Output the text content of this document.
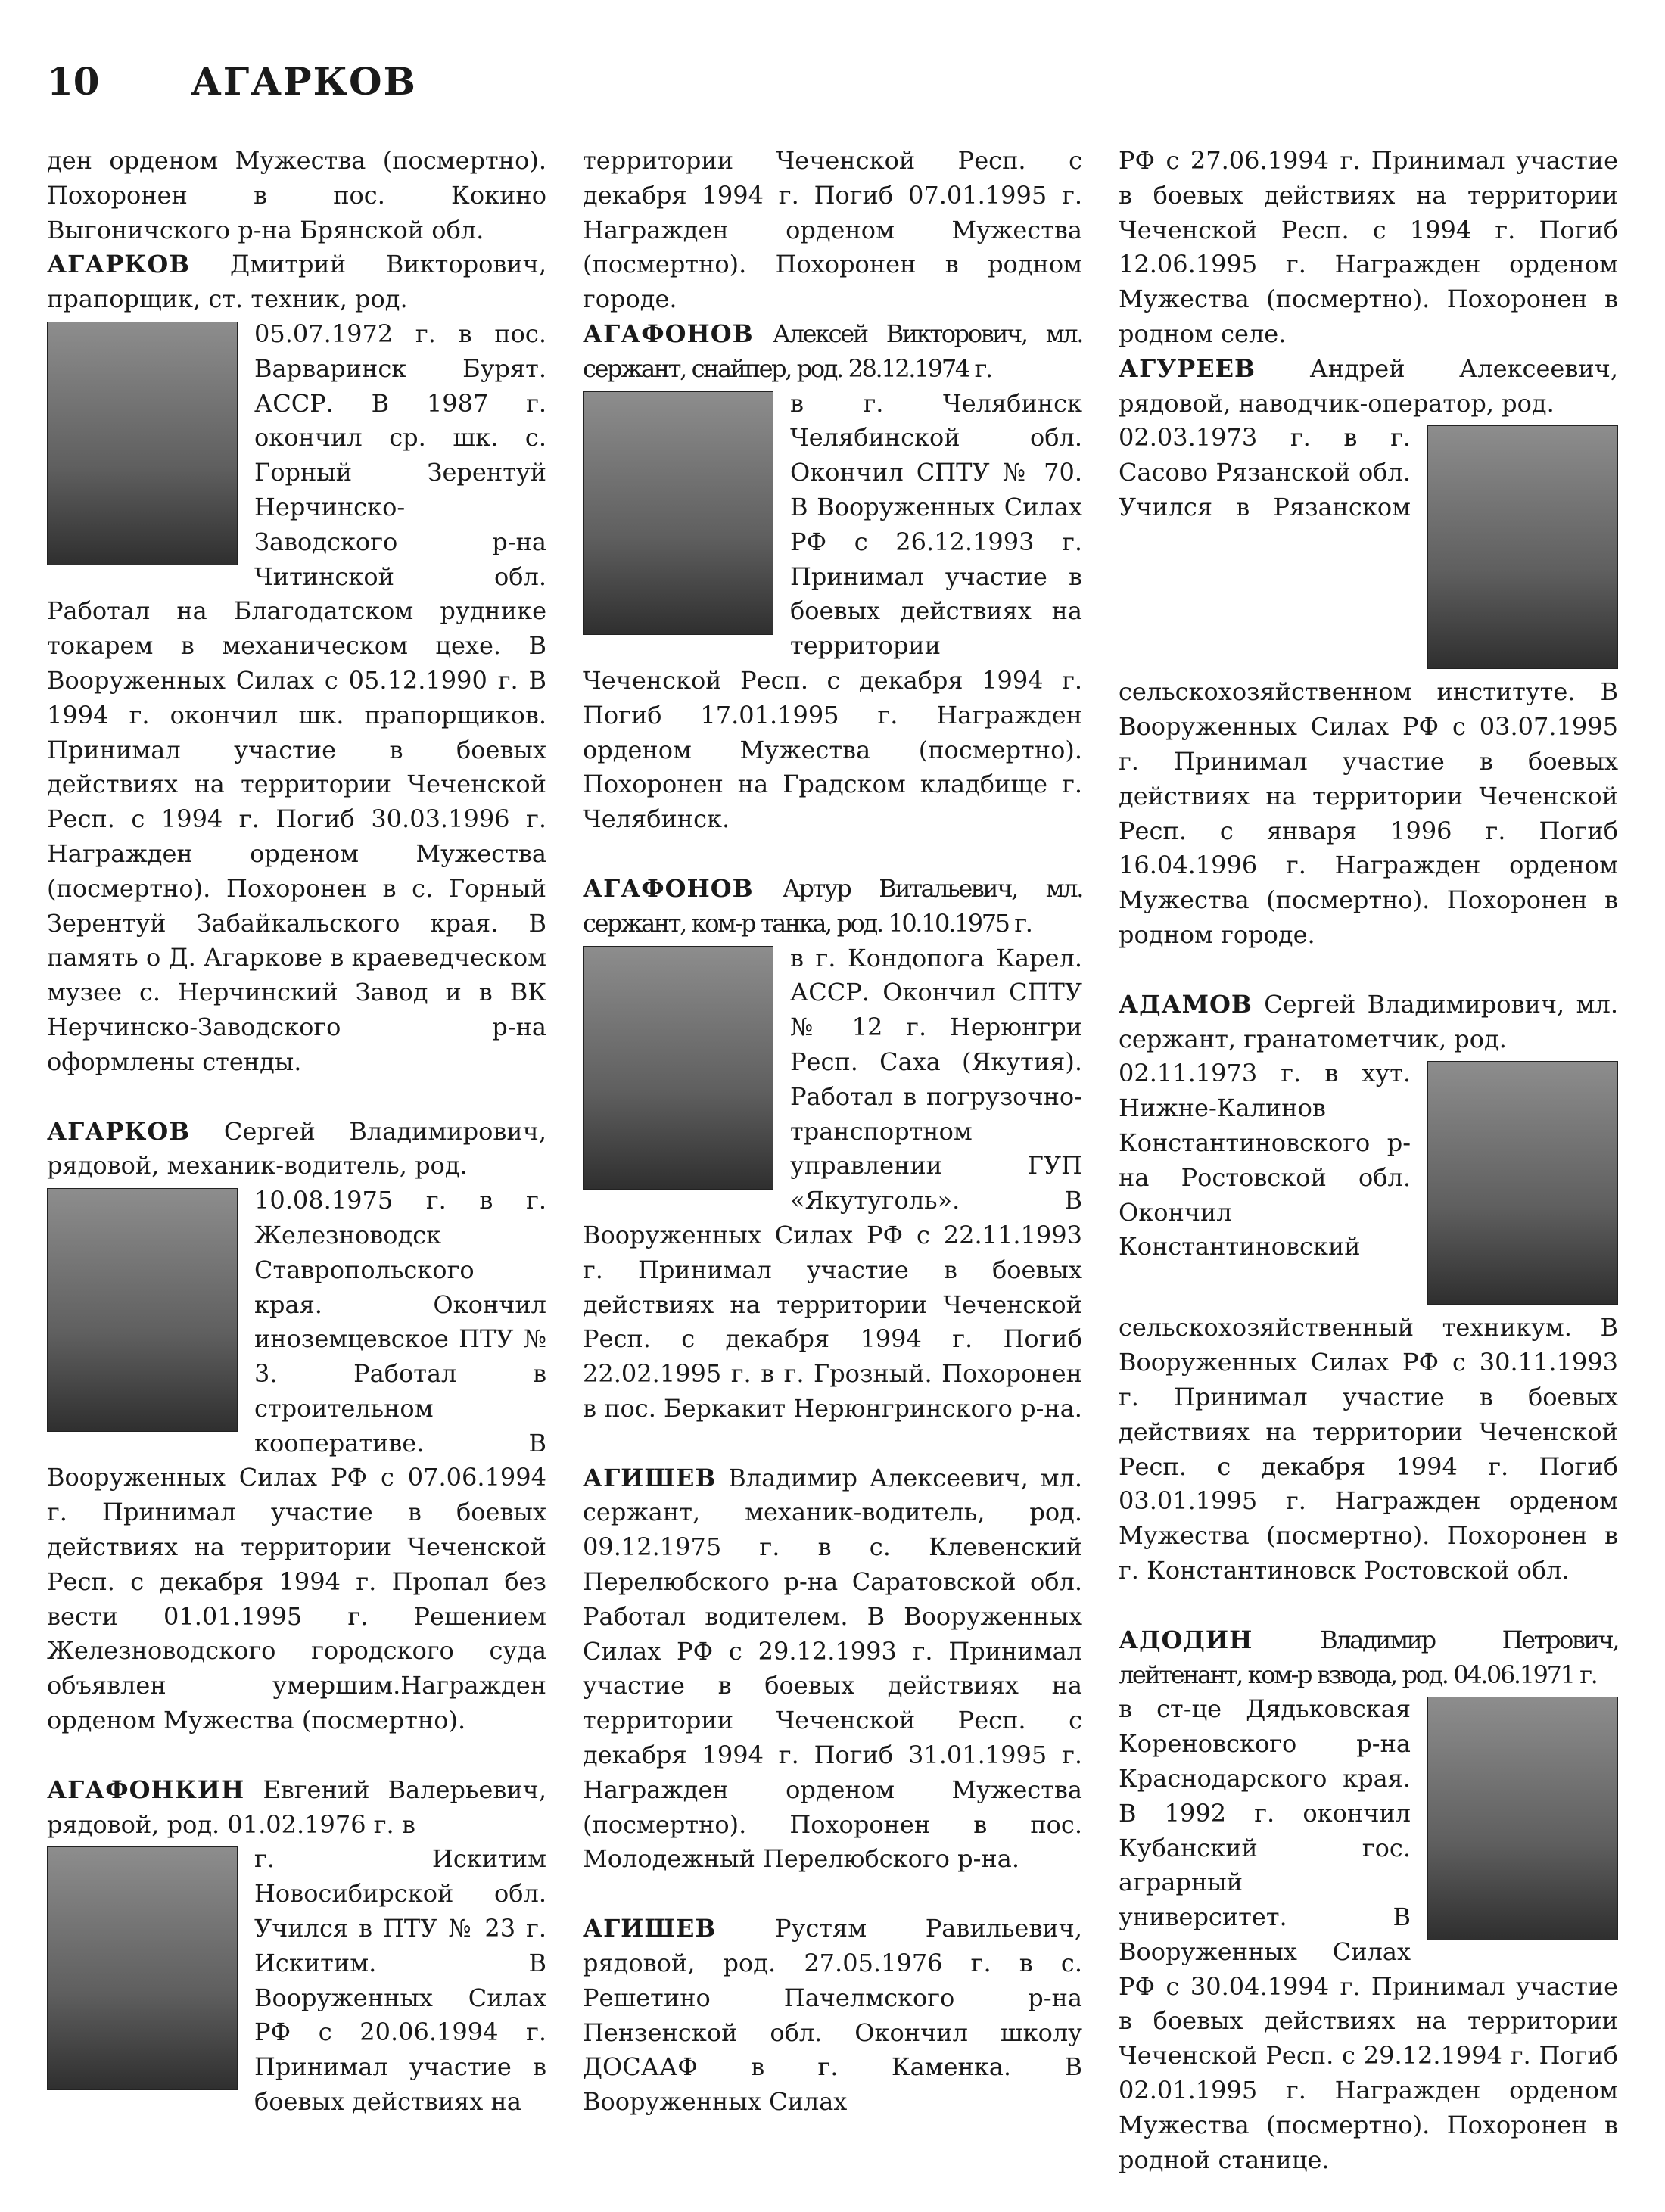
10 АГАРКОВ

ден орденом Мужества (посмертно). Похоронен в пос. Кокино Выгоничского р-на Брянской обл.

АГАРКОВ Дмитрий Викторович, прапорщик, ст. техник, род.

05.07.1972 г. в пос. Варваринск Бурят. АССР. В 1987 г. окончил ср. шк. с. Горный Зерентуй Нерчинско-Заводского р-на Читинской обл. Работал на Благодатском руднике токарем в механическом цехе. В Вооруженных Силах с 05.12.1990 г. В 1994 г. окончил шк. прапорщиков. Принимал участие в боевых действиях на территории Чеченской Респ. с 1994 г. Погиб 30.03.1996 г. Награжден орденом Мужества (посмертно). Похоронен в с. Горный Зерентуй Забайкальского края. В память о Д. Агаркове в краеведческом музее с. Нерчинский Завод и в ВК Нерчинско-Заводского р-на оформлены стенды.

АГАРКОВ Сергей Владимирович, рядовой, механик-водитель, род.

10.08.1975 г. в г. Железноводск Ставропольского края. Окончил иноземцевское ПТУ № 3. Работал в строительном кооперативе. В Вооруженных Силах РФ с 07.06.1994 г. Принимал участие в боевых действиях на территории Чеченской Респ. с декабря 1994 г. Пропал без вести 01.01.1995 г. Решением Железноводского городского суда объявлен умершим.Награжден орденом Мужества (посмертно).

АГАФОНКИН Евгений Валерьевич, рядовой, род. 01.02.1976 г. в

г. Искитим Новосибирской обл. Учился в ПТУ № 23 г. Искитим. В Вооруженных Силах РФ с 20.06.1994 г. Принимал участие в боевых действиях на

территории Чеченской Респ. с декабря 1994 г. Погиб 07.01.1995 г. Награжден орденом Мужества (посмертно). Похоронен в родном городе.

АГАФОНОВ Алексей Викторович, мл. сержант, снайпер, род. 28.12.1974 г.

в г. Челябинск Челябинской обл. Окончил СПТУ № 70. В Вооруженных Силах РФ с 26.12.1993 г. Принимал участие в боевых действиях на территории Чеченской Респ. с декабря 1994 г. Погиб 17.01.1995 г. Награжден орденом Мужества (посмертно). Похоронен на Градском кладбище г. Челябинск.

АГАФОНОВ Артур Витальевич, мл. сержант, ком-р танка, род. 10.10.1975 г.

в г. Кондопога Карел. АССР. Окончил СПТУ № 12 г. Нерюнгри Респ. Саха (Якутия). Работал в погрузочно-транспортном управлении ГУП «Якутуголь». В Вооруженных Силах РФ с 22.11.1993 г. Принимал участие в боевых действиях на территории Чеченской Респ. с декабря 1994 г. Погиб 22.02.1995 г. в г. Грозный. Похоронен в пос. Беркакит Нерюнгринского р-на.

АГИШЕВ Владимир Алексеевич, мл. сержант, механик-водитель, род. 09.12.1975 г. в с. Клевенский Перелюбского р-на Саратовской обл. Работал водителем. В Вооруженных Силах РФ с 29.12.1993 г. Принимал участие в боевых действиях на территории Чеченской Респ. с декабря 1994 г. Погиб 31.01.1995 г. Награжден орденом Мужества (посмертно). Похоронен в пос. Молодежный Перелюбского р-на.

АГИШЕВ Рустям Равильевич, рядовой, род. 27.05.1976 г. в с. Решетино Пачелмского р-на Пензенской обл. Окончил школу ДОСААФ в г. Каменка. В Вооруженных Силах

РФ с 27.06.1994 г. Принимал участие в боевых действиях на территории Чеченской Респ. с 1994 г. Погиб 12.06.1995 г. Награжден орденом Мужества (посмертно). Похоронен в родном селе.

АГУРЕЕВ Андрей Алексеевич, рядовой, наводчик-оператор, род.

02.03.1973 г. в г. Сасово Рязанской обл. Учился в Рязанском сельскохозяйственном институте. В Вооруженных Силах РФ с 03.07.1995 г. Принимал участие в боевых действиях на территории Чеченской Респ. с января 1996 г. Погиб 16.04.1996 г. Награжден орденом Мужества (посмертно). Похоронен в родном городе.

АДАМОВ Сергей Владимирович, мл. сержант, гранатометчик, род.

02.11.1973 г. в хут. Нижне-Калинов Константиновского р-на Ростовской обл. Окончил Константиновский сельскохозяйственный техникум. В Вооруженных Силах РФ с 30.11.1993 г. Принимал участие в боевых действиях на территории Чеченской Респ. с декабря 1994 г. Погиб 03.01.1995 г. Награжден орденом Мужества (посмертно). Похоронен в г. Константиновск Ростовской обл.

АДОДИН Владимир Петрович, лейтенант, ком-р взвода, род. 04.06.1971 г.

в ст-це Дядьковская Кореновского р-на Краснодарского края. В 1992 г. окончил Кубанский гос. аграрный университет. В Вооруженных Силах РФ с 30.04.1994 г. Принимал участие в боевых действиях на территории Чеченской Респ. с 29.12.1994 г. Погиб 02.01.1995 г. Награжден орденом Мужества (посмертно). Похоронен в родной станице.
